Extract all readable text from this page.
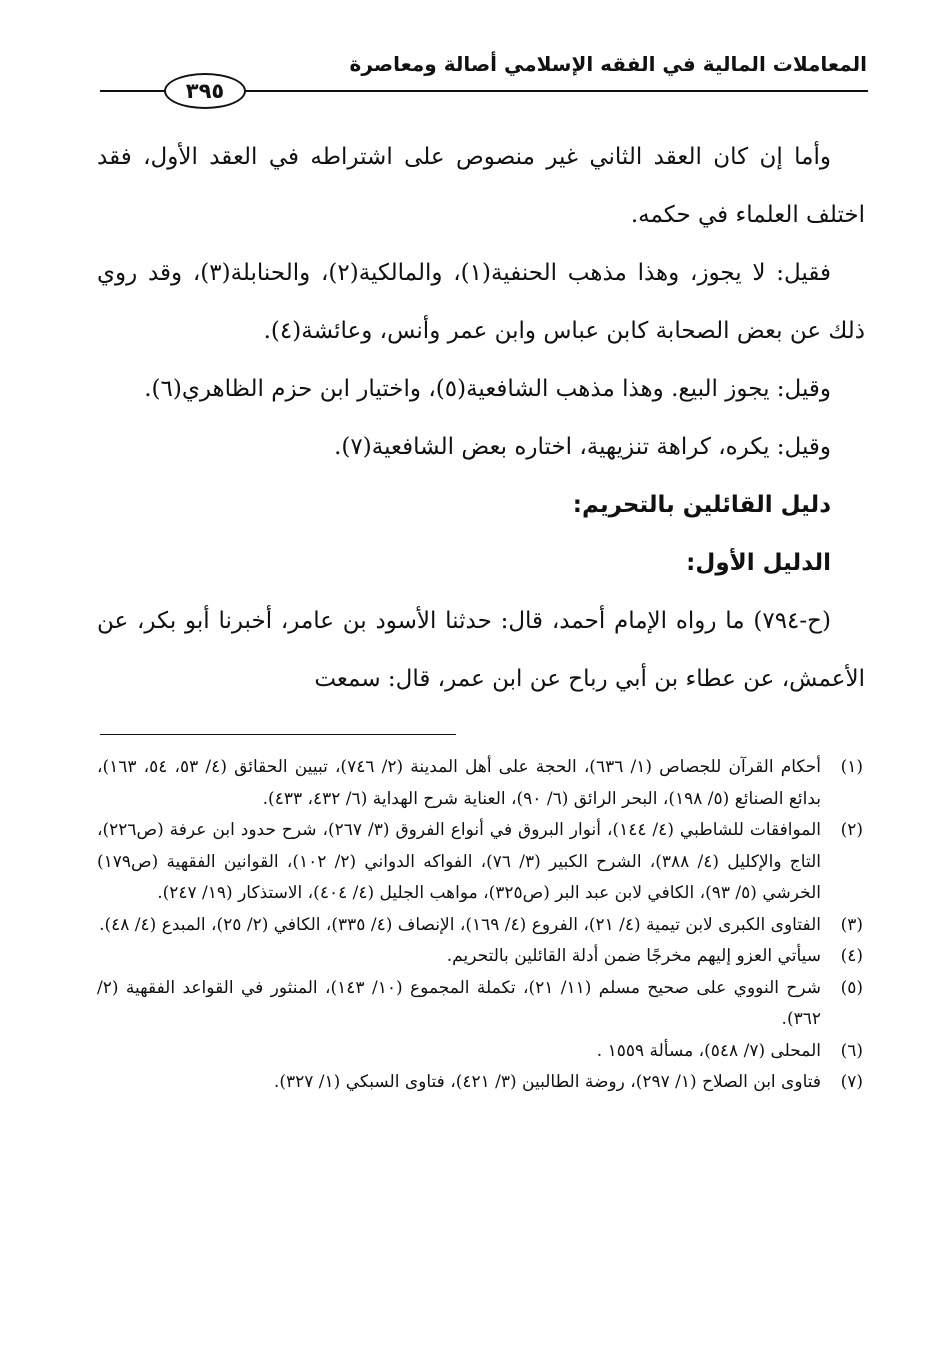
المعاملات المالية في الفقه الإسلامي أصالة ومعاصرة
٣٩٥

وأما إن كان العقد الثاني غير منصوص على اشتراطه في العقد الأول، فقد اختلف العلماء في حكمه.

فقيل: لا يجوز، وهذا مذهب الحنفية(١)، والمالكية(٢)، والحنابلة(٣)، وقد روي ذلك عن بعض الصحابة كابن عباس وابن عمر وأنس، وعائشة(٤).

وقيل: يجوز البيع. وهذا مذهب الشافعية(٥)، واختيار ابن حزم الظاهري(٦).

وقيل: يكره، كراهة تنزيهية، اختاره بعض الشافعية(٧).

دليل القائلين بالتحريم:

الدليل الأول:

(ح-٧٩٤) ما رواه الإمام أحمد، قال: حدثنا الأسود بن عامر، أخبرنا أبو بكر، عن الأعمش، عن عطاء بن أبي رباح عن ابن عمر، قال: سمعت

(١)
أحكام القرآن للجصاص (١/ ٦٣٦)، الحجة على أهل المدينة (٢/ ٧٤٦)، تبيين الحقائق (٤/ ٥٣، ٥٤، ١٦٣)، بدائع الصنائع (٥/ ١٩٨)، البحر الرائق (٦/ ٩٠)، العناية شرح الهداية (٦/ ٤٣٢، ٤٣٣).
(٢)
الموافقات للشاطبي (٤/ ١٤٤)، أنوار البروق في أنواع الفروق (٣/ ٢٦٧)، شرح حدود ابن عرفة (ص٢٢٦)، التاج والإكليل (٤/ ٣٨٨)، الشرح الكبير (٣/ ٧٦)، الفواكه الدواني (٢/ ١٠٢)، القوانين الفقهية (ص١٧٩) الخرشي (٥/ ٩٣)، الكافي لابن عبد البر (ص٣٢٥)، مواهب الجليل (٤/ ٤٠٤)، الاستذكار (١٩/ ٢٤٧).
(٣)
الفتاوى الكبرى لابن تيمية (٤/ ٢١)، الفروع (٤/ ١٦٩)، الإنصاف (٤/ ٣٣٥)، الكافي (٢/ ٢٥)، المبدع (٤/ ٤٨).
(٤)
سيأتي العزو إليهم مخرجًا ضمن أدلة القائلين بالتحريم.
(٥)
شرح النووي على صحيح مسلم (١١/ ٢١)، تكملة المجموع (١٠/ ١٤٣)، المنثور في القواعد الفقهية (٢/ ٣٦٢).
(٦)
المحلى (٧/ ٥٤٨)، مسألة ١٥٥٩ .
(٧)
فتاوى ابن الصلاح (١/ ٢٩٧)، روضة الطالبين (٣/ ٤٢١)، فتاوى السبكي (١/ ٣٢٧).
